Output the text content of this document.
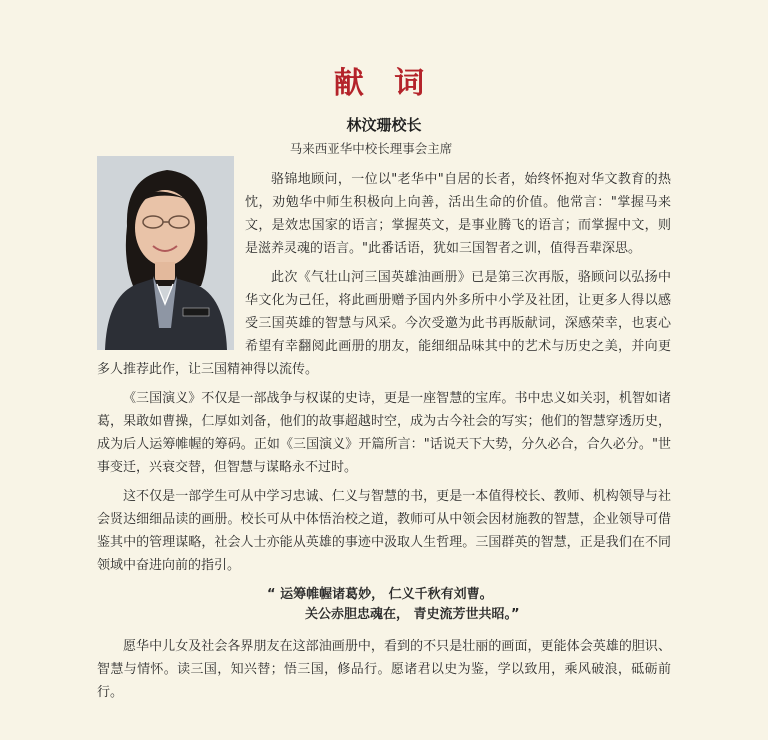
献 词
林汶珊校长
马来西亚华中校长理事会主席

骆锦地顾问，一位以"老华中"自居的长者，始终怀抱对华文教育的热忱，劝勉华中师生积极向上向善，活出生命的价值。他常言："掌握马来文，是效忠国家的语言；掌握英文，是事业腾飞的语言；而掌握中文，则是滋养灵魂的语言。"此番话语，犹如三国智者之训，值得吾辈深思。

此次《气壮山河三国英雄油画册》已是第三次再版，骆顾问以弘扬中华文化为己任，将此画册赠予国内外多所中小学及社团，让更多人得以感受三国英雄的智慧与风采。今次受邀为此书再版献词，深感荣幸，也衷心希望有幸翻阅此画册的朋友，能细细品味其中的艺术与历史之美，并向更多人推荐此作，让三国精神得以流传。

《三国演义》不仅是一部战争与权谋的史诗，更是一座智慧的宝库。书中忠义如关羽，机智如诸葛，果敢如曹操，仁厚如刘备，他们的故事超越时空，成为古今社会的写实；他们的智慧穿透历史，成为后人运筹帷幄的筹码。正如《三国演义》开篇所言："话说天下大势，分久必合，合久必分。"世事变迁，兴衰交替，但智慧与谋略永不过时。

这不仅是一部学生可从中学习忠诚、仁义与智慧的书，更是一本值得校长、教师、机构领导与社会贤达细细品读的画册。校长可从中体悟治校之道，教师可从中领会因材施教的智慧，企业领导可借鉴其中的管理谋略，社会人士亦能从英雄的事迹中汲取人生哲理。三国群英的智慧，正是我们在不同领域中奋进向前的指引。

“ 运筹帷幄诸葛妙， 仁义千秋有刘曹。
关公赤胆忠魂在， 青史流芳世共昭。”

愿华中儿女及社会各界朋友在这部油画册中，看到的不只是壮丽的画面，更能体会英雄的胆识、智慧与情怀。读三国，知兴替；悟三国，修品行。愿诸君以史为鉴，学以致用，乘风破浪，砥砺前行。
